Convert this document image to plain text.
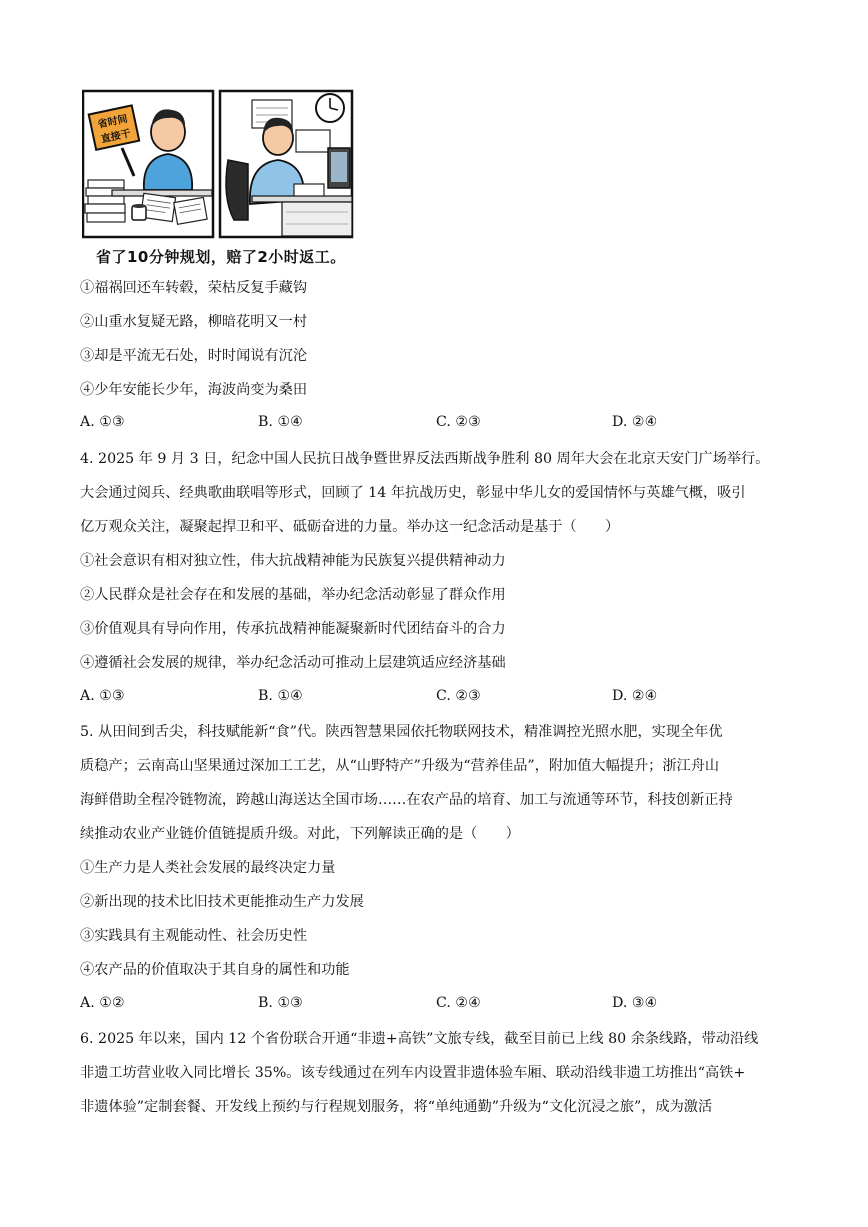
省时间
直接干
省了10分钟规划，赔了2小时返工。
①福祸回还车转毂，荣枯反复手藏钩
②山重水复疑无路，柳暗花明又一村
③却是平流无石处，时时闻说有沉沦
④少年安能长少年，海波尚变为桑田
A. ①③	B. ①④	C. ②③	D. ②④
4. 2025 年 9 月 3 日，纪念中国人民抗日战争暨世界反法西斯战争胜利 80 周年大会在北京天安门广场举行。
大会通过阅兵、经典歌曲联唱等形式，回顾了 14 年抗战历史，彰显中华儿女的爱国情怀与英雄气概，吸引
亿万观众关注，凝聚起捍卫和平、砥砺奋进的力量。举办这一纪念活动是基于（　　）
①社会意识有相对独立性，伟大抗战精神能为民族复兴提供精神动力
②人民群众是社会存在和发展的基础，举办纪念活动彰显了群众作用
③价值观具有导向作用，传承抗战精神能凝聚新时代团结奋斗的合力
④遵循社会发展的规律，举办纪念活动可推动上层建筑适应经济基础
A. ①③	B. ①④	C. ②③	D. ②④
5. 从田间到舌尖，科技赋能新“食”代。陕西智慧果园依托物联网技术，精准调控光照水肥，实现全年优
质稳产；云南高山坚果通过深加工工艺，从“山野特产”升级为“营养佳品”，附加值大幅提升；浙江舟山
海鲜借助全程冷链物流，跨越山海送达全国市场……在农产品的培育、加工与流通等环节，科技创新正持
续推动农业产业链价值链提质升级。对此，下列解读正确的是（　　）
①生产力是人类社会发展的最终决定力量
②新出现的技术比旧技术更能推动生产力发展
③实践具有主观能动性、社会历史性
④农产品的价值取决于其自身的属性和功能
A. ①②	B. ①③	C. ②④	D. ③④
6. 2025 年以来，国内 12 个省份联合开通“非遗+高铁”文旅专线，截至目前已上线 80 余条线路，带动沿线
非遗工坊营业收入同比增长 35%。该专线通过在列车内设置非遗体验车厢、联动沿线非遗工坊推出“高铁+
非遗体验”定制套餐、开发线上预约与行程规划服务，将“单纯通勤”升级为“文化沉浸之旅”，成为激活
